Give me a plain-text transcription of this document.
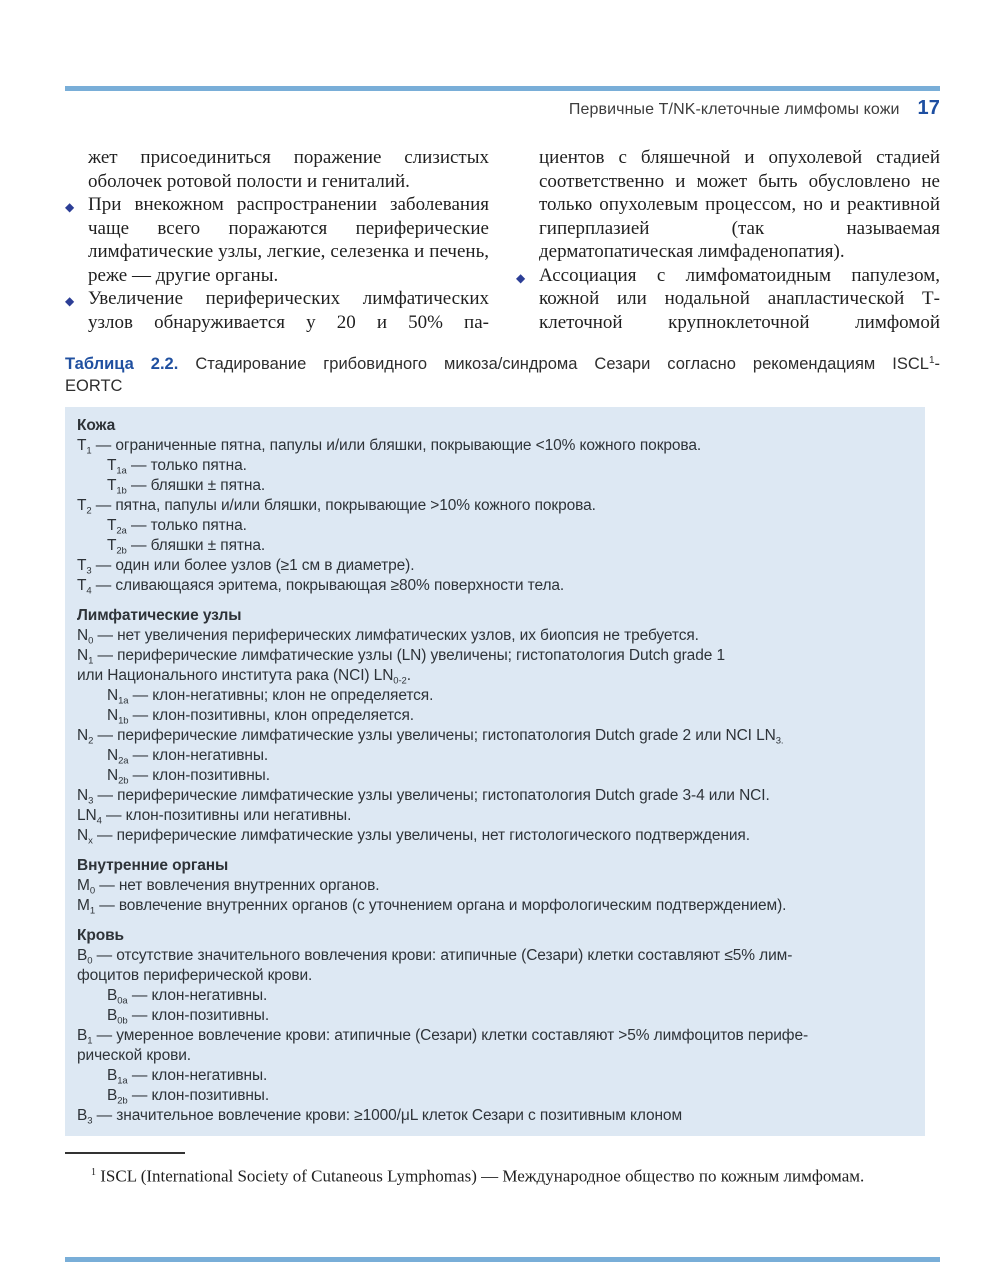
Первичные Т/NK-клеточные лимфомы кожи 17
жет присоединиться поражение слизистых оболочек ротовой полости и гениталий.
◆ При внекожном распространении заболевания чаще всего поражаются периферические лимфатические узлы, легкие, селезенка и печень, реже — другие органы.
◆ Увеличение периферических лимфатических узлов обнаруживается у 20 и 50% па-
циентов с бляшечной и опухолевой стадией соответственно и может быть обусловлено не только опухолевым процессом, но и реактивной гиперплазией (так называемая дерматопатическая лимфаденопатия).
◆ Ассоциация с лимфоматоидным папулезом, кожной или нодальной анапластической Т-клеточной крупноклеточной лимфомой
Таблица 2.2. Стадирование грибовидного микоза/синдрома Сезари согласно рекомендациям ISCL$^1$-
EORTC
Кожа
$T_1$ — ограниченные пятна, папулы и/или бляшки, покрывающие <10% кожного покрова.
$T_{1a}$ — только пятна.
$T_{1b}$ — бляшки ± пятна.
$T_2$ — пятна, папулы и/или бляшки, покрывающие >10% кожного покрова.
$T_{2a}$ — только пятна.
$T_{2b}$ — бляшки ± пятна.
$T_3$ — один или более узлов (≥1 см в диаметре).
$T_4$ — сливающаяся эритема, покрывающая ≥80% поверхности тела.
Лимфатические узлы
$N_0$ — нет увеличения периферических лимфатических узлов, их биопсия не требуется.
$N_1$ — периферические лимфатические узлы (LN) увеличены; гистопатология Dutch grade 1
или Национального института рака (NCI) $LN_{0-2}$.
$N_{1a}$ — клон-негативны; клон не определяется.
$N_{1b}$ — клон-позитивны, клон определяется.
$N_2$ — периферические лимфатические узлы увеличены; гистопатология Dutch grade 2 или NCI $LN_{3.}$
$N_{2a}$ — клон-негативны.
$N_{2b}$ — клон-позитивны.
$N_3$ — периферические лимфатические узлы увеличены; гистопатология Dutch grade 3-4 или NCI.
$LN_4$ — клон-позитивны или негативны.
$N_x$ — периферические лимфатические узлы увеличены, нет гистологического подтверждения.
Внутренние органы
$M_0$ — нет вовлечения внутренних органов.
$M_1$ — вовлечение внутренних органов (с уточнением органа и морфологическим подтверждением).
Кровь
$B_0$ — отсутствие значительного вовлечения крови: атипичные (Сезари) клетки составляют ≤5% лим-
фоцитов периферической крови.
$B_{0a}$ — клон-негативны.
$B_{0b}$ — клон-позитивны.
$B_1$ — умеренное вовлечение крови: атипичные (Сезари) клетки составляют >5% лимфоцитов перифе-
рической крови.
$B_{1a}$ — клон-негативны.
$B_{2b}$ — клон-позитивны.
$B_3$ — значительное вовлечение крови: ≥1000/μL клеток Сезари с позитивным клоном

$^1$ ISCL (International Society of Cutaneous Lymphomas) — Международное общество по кожным лимфомам.
